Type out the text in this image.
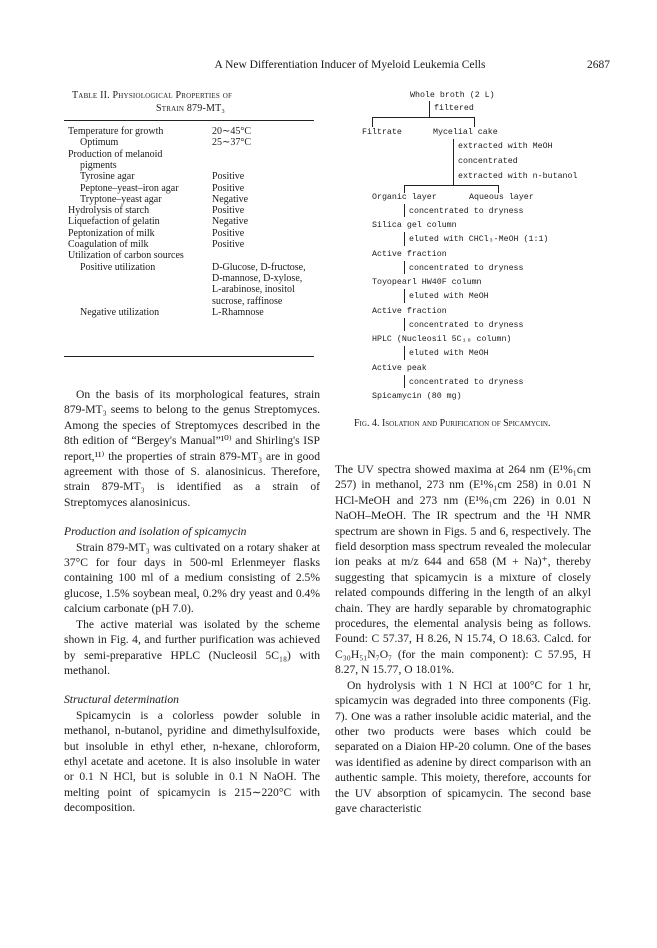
A New Differentiation Inducer of Myeloid Leukemia Cells	2687
Table II. Physiological Properties of
Strain 879-MT₃
Temperature for growth	20∼45°C
Optimum	25∼37°C
Production of melanoid
pigments
Tyrosine agar	Positive
Peptone–yeast–iron agar	Positive
Tryptone–yeast agar	Negative
Hydrolysis of starch	Positive
Liquefaction of gelatin	Negative
Peptonization of milk	Positive
Coagulation of milk	Positive
Utilization of carbon sources
Positive utilization	D-Glucose, D-fructose,
D-mannose, D-xylose,
L-arabinose, inositol
sucrose, raffinose
Negative utilization	L-Rhamnose
Whole broth (2 L)
filtered
Filtrate	Mycelial cake
extracted with MeOH
concentrated
extracted with n-butanol
Organic layer	Aqueous layer
concentrated to dryness
Silica gel column
eluted with CHCl₃-MeOH (1:1)
Active fraction
concentrated to dryness
Toyopearl HW40F column
eluted with MeOH
Active fraction
concentrated to dryness
HPLC (Nucleosil 5C₁₈ column)
eluted with MeOH
Active peak
concentrated to dryness
Spicamycin (80 mg)
Fig. 4. Isolation and Purification of Spicamycin.

On the basis of its morphological features, strain 879-MT₃ seems to belong to the genus Streptomyces. Among the species of Streptomyces described in the 8th edition of “Bergey's Manual”¹⁰⁾ and Shirling's ISP report,¹¹⁾ the properties of strain 879-MT₃ are in good agreement with those of S. alanosinicus. Therefore, strain 879-MT₃ is identified as a strain of Streptomyces alanosinicus.

Production and isolation of spicamycin

Strain 879-MT₃ was cultivated on a rotary shaker at 37°C for four days in 500-ml Erlenmeyer flasks containing 100 ml of a medium consisting of 2.5% glucose, 1.5% soybean meal, 0.2% dry yeast and 0.4% calcium carbonate (pH 7.0).

The active material was isolated by the scheme shown in Fig. 4, and further purification was achieved by semi-preparative HPLC (Nucleosil 5C₁₈) with methanol.

Structural determination

Spicamycin is a colorless powder soluble in methanol, n-butanol, pyridine and dimethylsulfoxide, but insoluble in ethyl ether, n-hexane, chloroform, ethyl acetate and acetone. It is also insoluble in water or 0.1 N HCl, but is soluble in 0.1 N NaOH. The melting point of spicamycin is 215∼220°C with decomposition.

The UV spectra showed maxima at 264 nm (E¹%₁cm 257) in methanol, 273 nm (E¹%₁cm 258) in 0.01 N HCl-MeOH and 273 nm (E¹%₁cm 226) in 0.01 N NaOH–MeOH. The IR spectrum and the ¹H NMR spectrum are shown in Figs. 5 and 6, respectively. The field desorption mass spectrum revealed the molecular ion peaks at m/z 644 and 658 (M + Na)⁺, thereby suggesting that spicamycin is a mixture of closely related compounds differing in the length of an alkyl chain. They are hardly separable by chromatographic procedures, the elemental analysis being as follows. Found: C 57.37, H 8.26, N 15.74, O 18.63. Calcd. for C₃₀H₅₁N₇O₇ (for the main component): C 57.95, H 8.27, N 15.77, O 18.01%.

On hydrolysis with 1 N HCl at 100°C for 1 hr, spicamycin was degraded into three components (Fig. 7). One was a rather insoluble acidic material, and the other two products were bases which could be separated on a Diaion HP-20 column. One of the bases was identified as adenine by direct comparison with an authentic sample. This moiety, therefore, accounts for the UV absorption of spicamycin. The second base gave characteristic
